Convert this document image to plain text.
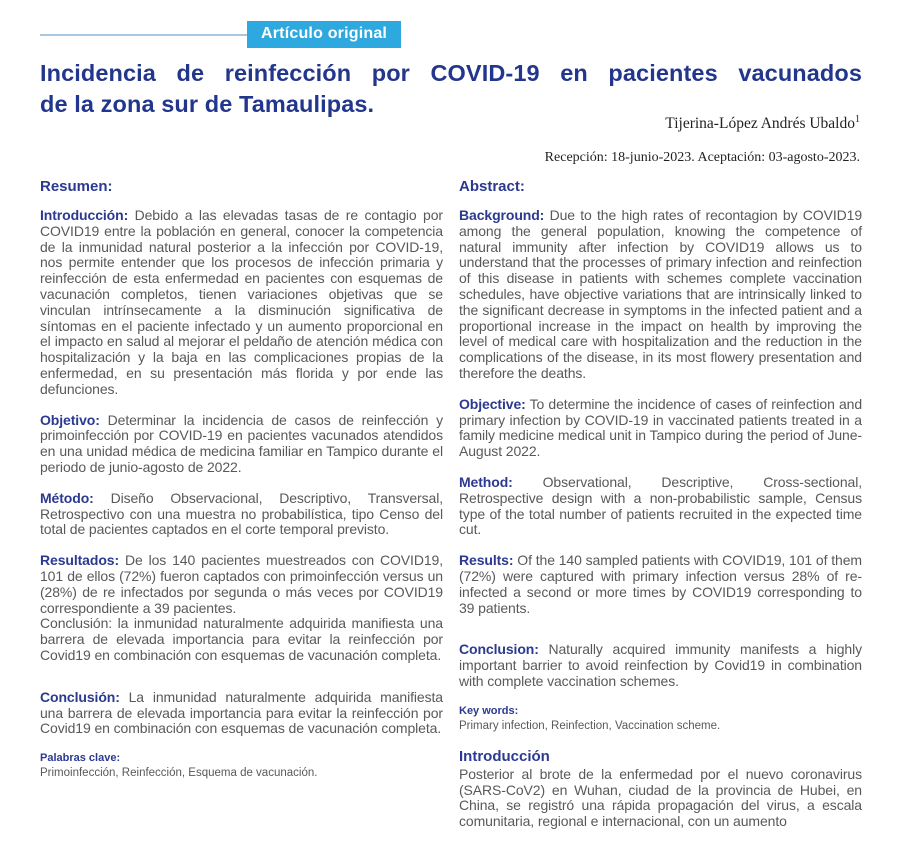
Artículo original
Incidencia de reinfección por COVID-19 en pacientes vacunados
de la zona sur de Tamaulipas.
Tijerina-López Andrés Ubaldo$^1$
Recepción: 18-junio-2023. Aceptación: 03-agosto-2023.

Resumen:

Introducción: Debido a las elevadas tasas de re contagio por COVID19 entre la población en general, conocer la competencia de la inmunidad natural posterior a la infección por COVID-19, nos permite entender que los procesos de infección primaria y reinfección de esta enfermedad en pacientes con esquemas de vacunación completos, tienen variaciones objetivas que se vinculan intrínsecamente a la disminución significativa de síntomas en el paciente infectado y un aumento proporcional en el impacto en salud al mejorar el peldaño de atención médica con hospitalización y la baja en las complicaciones propias de la enfermedad, en su presentación más florida y por ende las defunciones.

Objetivo: Determinar la incidencia de casos de reinfección y primoinfección por COVID-19 en pacientes vacunados atendidos en una unidad médica de medicina familiar en Tampico durante el periodo de junio-agosto de 2022.

Método: Diseño Observacional, Descriptivo, Transversal, Retrospectivo con una muestra no probabilística, tipo Censo del total de pacientes captados en el corte temporal previsto.

Resultados: De los 140 pacientes muestreados con COVID19, 101 de ellos (72%) fueron captados con primoinfección versus un (28%) de re infectados por segunda o más veces por COVID19 correspondiente a 39 pacientes.
Conclusión: la inmunidad naturalmente adquirida manifiesta una barrera de elevada importancia para evitar la reinfección por Covid19 en combinación con esquemas de vacunación completa.

Conclusión: La inmunidad naturalmente adquirida manifiesta una barrera de elevada importancia para evitar la reinfección por Covid19 en combinación con esquemas de vacunación completa.

Palabras clave:

Primoinfección, Reinfección, Esquema de vacunación.

Abstract:

Background: Due to the high rates of recontagion by COVID19 among the general population, knowing the competence of natural immunity after infection by COVID19 allows us to understand that the processes of primary infection and reinfection of this disease in patients with schemes complete vaccination schedules, have objective variations that are intrinsically linked to the significant decrease in symptoms in the infected patient and a proportional increase in the impact on health by improving the level of medical care with hospitalization and the reduction in the complications of the disease, in its most flowery presentation and therefore the deaths.

Objective: To determine the incidence of cases of reinfection and primary infection by COVID-19 in vaccinated patients treated in a family medicine medical unit in Tampico during the period of June-August 2022.

Method: Observational, Descriptive, Cross-sectional, Retrospective design with a non-probabilistic sample, Census type of the total number of patients recruited in the expected time cut.

Results: Of the 140 sampled patients with COVID19, 101 of them (72%) were captured with primary infection versus 28% of re-infected a second or more times by COVID19 corresponding to 39 patients.

Conclusion: Naturally acquired immunity manifests a highly important barrier to avoid reinfection by Covid19 in combination with complete vaccination schemes.

Key words:

Primary infection, Reinfection, Vaccination scheme.

Introducción

Posterior al brote de la enfermedad por el nuevo coronavirus (SARS-CoV2) en Wuhan, ciudad de la provincia de Hubei, en China, se registró una rápida propagación del virus, a escala comunitaria, regional e internacional, con un aumento
